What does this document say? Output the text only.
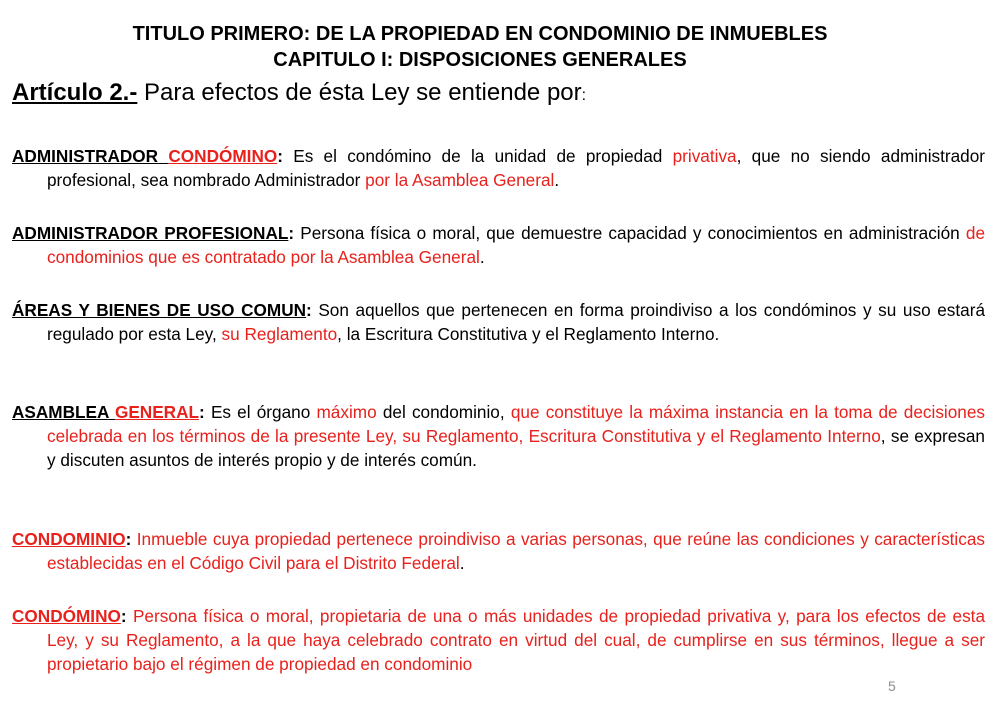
TITULO PRIMERO: DE LA PROPIEDAD EN CONDOMINIO DE INMUEBLES
CAPITULO I: DISPOSICIONES GENERALES
Artículo 2.- Para efectos de ésta Ley se entiende por:
ADMINISTRADOR CONDÓMINO: Es el condómino de la unidad de propiedad privativa, que no siendo administrador profesional, sea nombrado Administrador por la Asamblea General.
ADMINISTRADOR PROFESIONAL: Persona física o moral, que demuestre capacidad y conocimientos en administración de condominios que es contratado por la Asamblea General.
ÁREAS Y BIENES DE USO COMUN: Son aquellos que pertenecen en forma proindiviso a los condóminos y su uso estará regulado por esta Ley, su Reglamento, la Escritura Constitutiva y el Reglamento Interno.
ASAMBLEA GENERAL: Es el órgano máximo del condominio, que constituye la máxima instancia en la toma de decisiones celebrada en los términos de la presente Ley, su Reglamento, Escritura Constitutiva y el Reglamento Interno, se expresan y discuten asuntos de interés propio y de interés común.
CONDOMINIO: Inmueble cuya propiedad pertenece proindiviso a varias personas, que reúne las condiciones y características establecidas en el Código Civil para el Distrito Federal.
CONDÓMINO: Persona física o moral, propietaria de una o más unidades de propiedad privativa y, para los efectos de esta Ley, y su Reglamento, a la que haya celebrado contrato en virtud del cual, de cumplirse en sus términos, llegue a ser propietario bajo el régimen de propiedad en condominio
5
